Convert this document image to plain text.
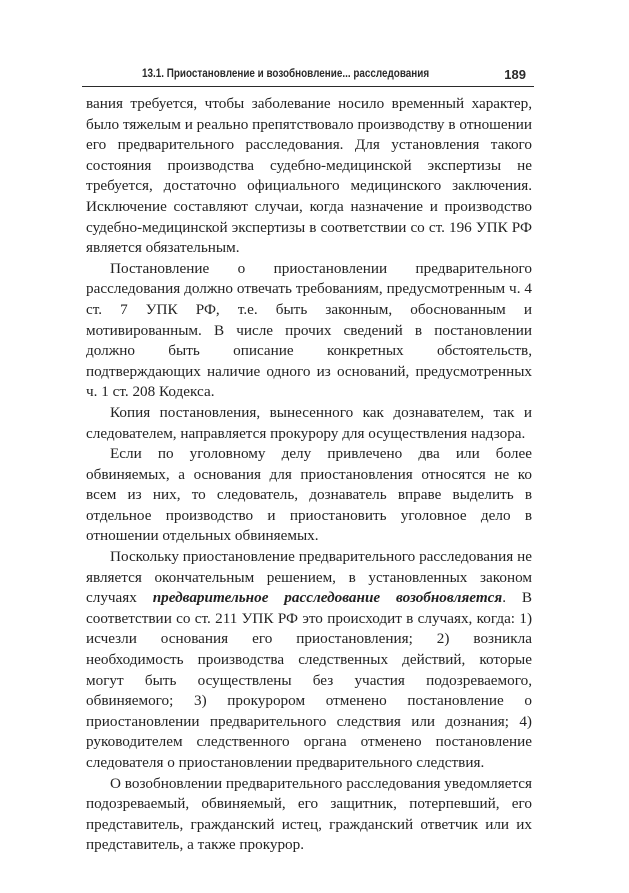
13.1. Приостановление и возобновление... расследования	189

вания требуется, чтобы заболевание носило временный характер, было тяжелым и реально препятствовало производству в отношении его предварительного расследования. Для установления такого состояния производства судебно-медицинской экспертизы не требуется, достаточно официального медицинского заключения. Исключение составляют случаи, когда назначение и производство судебно-медицинской экспертизы в соответствии со ст. 196 УПК РФ является обязательным.

Постановление о приостановлении предварительного расследования должно отвечать требованиям, предусмотренным ч. 4 ст. 7 УПК РФ, т.е. быть законным, обоснованным и мотивированным. В числе прочих сведений в постановлении должно быть описание конкретных обстоятельств, подтверждающих наличие одного из оснований, предусмотренных ч. 1 ст. 208 Кодекса.

Копия постановления, вынесенного как дознавателем, так и следователем, направляется прокурору для осуществления надзора.

Если по уголовному делу привлечено два или более обвиняемых, а основания для приостановления относятся не ко всем из них, то следователь, дознаватель вправе выделить в отдельное производство и приостановить уголовное дело в отношении отдельных обвиняемых.

Поскольку приостановление предварительного расследования не является окончательным решением, в установленных законом случаях предварительное расследование возобновляется. В соответствии со ст. 211 УПК РФ это происходит в случаях, когда: 1) исчезли основания его приостановления; 2) возникла необходимость производства следственных действий, которые могут быть осуществлены без участия подозреваемого, обвиняемого; 3) прокурором отменено постановление о приостановлении предварительного следствия или дознания; 4) руководителем следственного органа отменено постановление следователя о приостановлении предварительного следствия.

О возобновлении предварительного расследования уведомляется подозреваемый, обвиняемый, его защитник, потерпевший, его представитель, гражданский истец, гражданский ответчик или их представитель, а также прокурор.
